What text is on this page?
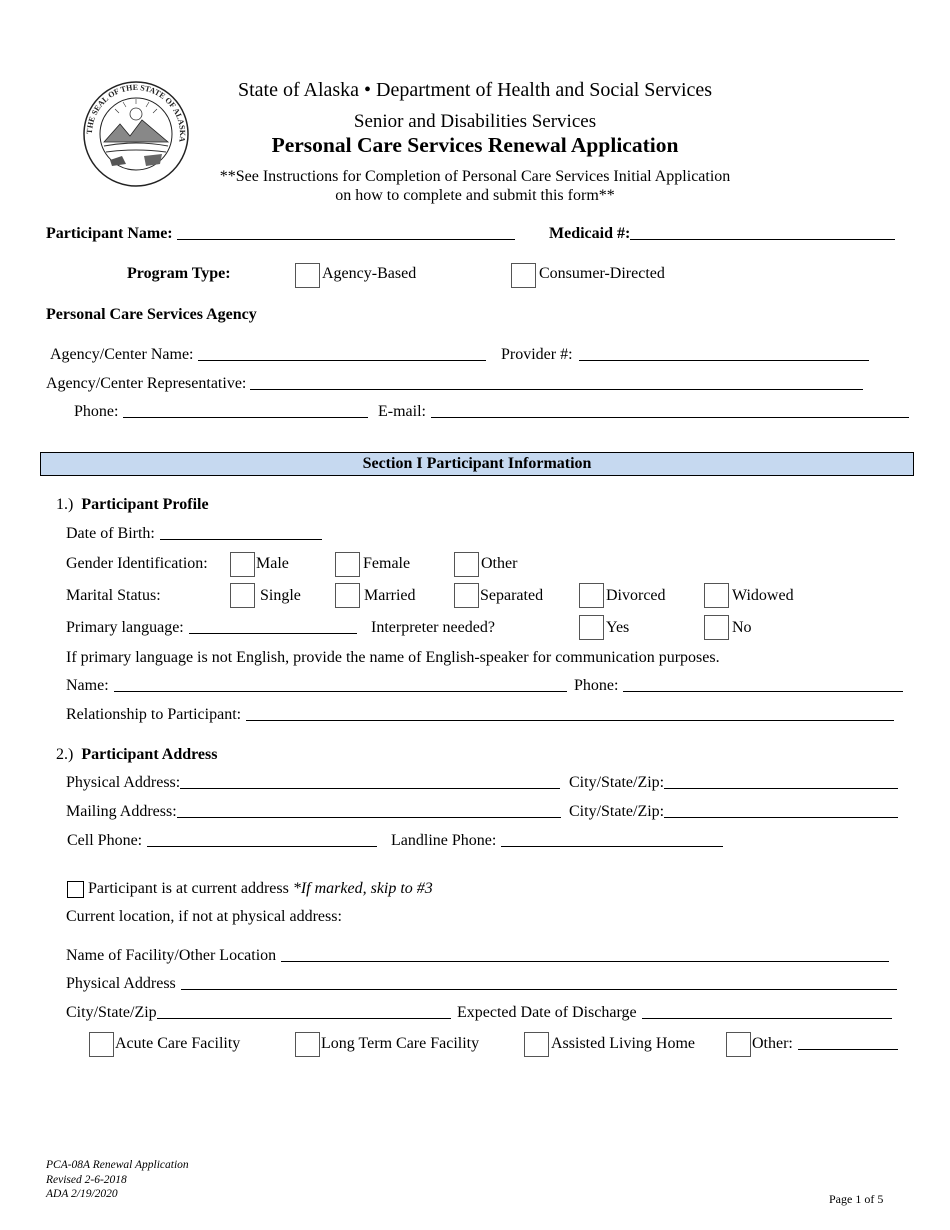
THE SEAL OF THE STATE OF ALASKA
State of Alaska • Department of Health and Social Services
Senior and Disabilities Services
Personal Care Services Renewal Application
**See Instructions for Completion of Personal Care Services Initial Application
on how to complete and submit this form**
Participant Name:	Medicaid #:
Program Type:	Agency-Based	Consumer-Directed
Personal Care Services Agency
Agency/Center Name:	Provider #:
Agency/Center Representative:
Phone:	E-mail:
Section I Participant Information
1.) Participant Profile
Date of Birth:
Gender Identification:	Male	Female	Other
Marital Status:	Single	Married	Separated	Divorced	Widowed
Primary language:	Interpreter needed?	Yes	No
If primary language is not English, provide the name of English-speaker for communication purposes.
Name:	Phone:
Relationship to Participant:
2.) Participant Address
Physical Address:	City/State/Zip:
Mailing Address:	City/State/Zip:
Cell Phone:	Landline Phone:
Participant is at current address *If marked, skip to #3
Current location, if not at physical address:
Name of Facility/Other Location
Physical Address
City/State/Zip	Expected Date of Discharge
Acute Care Facility	Long Term Care Facility	Assisted Living Home	Other:
PCA-08A Renewal Application
Revised 2-6-2018
ADA 2/19/2020	Page 1 of 5
